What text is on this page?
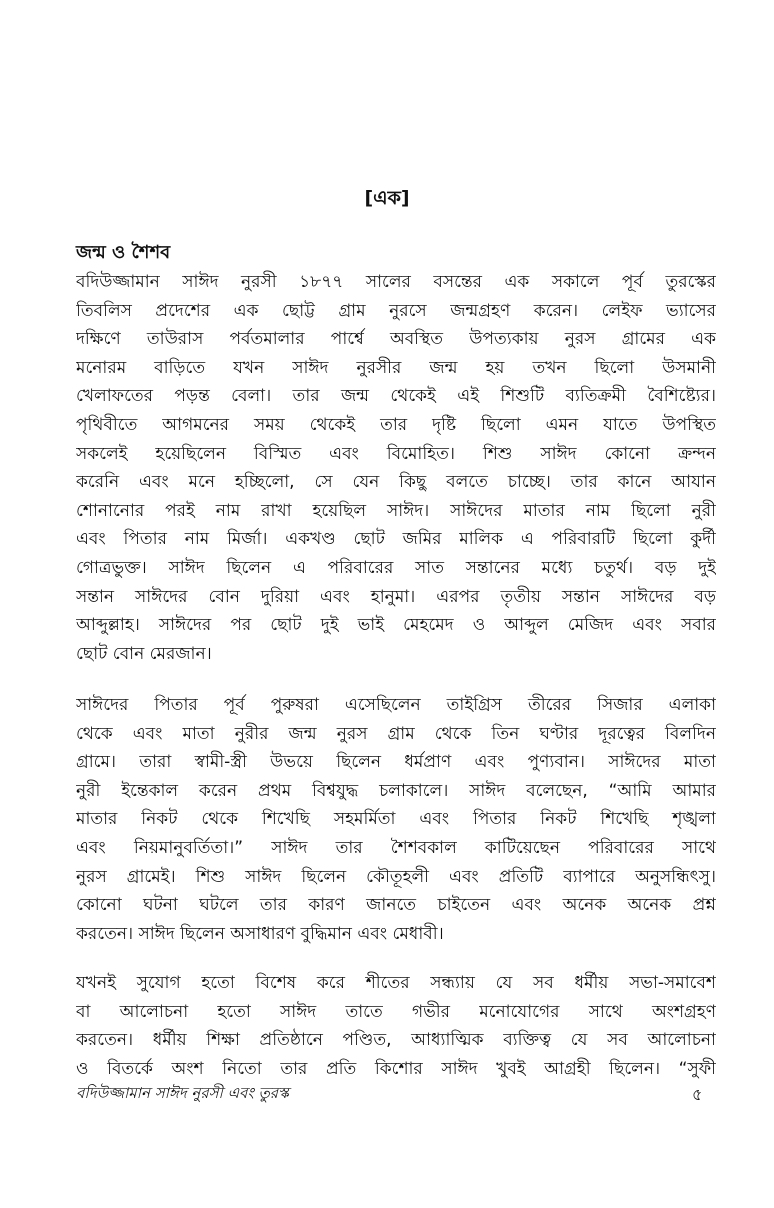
[এক]
জন্ম ও শৈশব
বদিউজ্জামান সাঈদ নুরসী ১৮৭৭ সালের বসন্তের এক সকালে পূর্ব তুরস্কের
তিবলিস প্রদেশের এক ছোট্ট গ্রাম নুরসে জন্মগ্রহণ করেন। লেইফ ভ্যাসের
দক্ষিণে তাউরাস পর্বতমালার পার্শ্বে অবস্থিত উপত্যকায় নুরস গ্রামের এক
মনোরম বাড়িতে যখন সাঈদ নুরসীর জন্ম হয় তখন ছিলো উসমানী
খেলাফতের পড়ন্ত বেলা। তার জন্ম থেকেই এই শিশুটি ব্যতিক্রমী বৈশিষ্ট্যের।
পৃথিবীতে আগমনের সময় থেকেই তার দৃষ্টি ছিলো এমন যাতে উপস্থিত
সকলেই হয়েছিলেন বিস্মিত এবং বিমোহিত। শিশু সাঈদ কোনো ক্রন্দন
করেনি এবং মনে হচ্ছিলো, সে যেন কিছু বলতে চাচ্ছে। তার কানে আযান
শোনানোর পরই নাম রাখা হয়েছিল সাঈদ। সাঈদের মাতার নাম ছিলো নুরী
এবং পিতার নাম মির্জা। একখণ্ড ছোট জমির মালিক এ পরিবারটি ছিলো কুর্দী
গোত্রভুক্ত। সাঈদ ছিলেন এ পরিবারের সাত সন্তানের মধ্যে চতুর্থ। বড় দুই
সন্তান সাঈদের বোন দুরিয়া এবং হানুমা। এরপর তৃতীয় সন্তান সাঈদের বড়
আব্দুল্লাহ। সাঈদের পর ছোট দুই ভাই মেহমেদ ও আব্দুল মেজিদ এবং সবার
ছোট বোন মেরজান।
সাঈদের পিতার পূর্ব পুরুষরা এসেছিলেন তাইগ্রিস তীরের সিজার এলাকা
থেকে এবং মাতা নুরীর জন্ম নুরস গ্রাম থেকে তিন ঘণ্টার দূরত্বের বিলদিন
গ্রামে। তারা স্বামী-স্ত্রী উভয়ে ছিলেন ধর্মপ্রাণ এবং পুণ্যবান। সাঈদের মাতা
নুরী ইন্তেকাল করেন প্রথম বিশ্বযুদ্ধ চলাকালে। সাঈদ বলেছেন, “আমি আমার
মাতার নিকট থেকে শিখেছি সহমর্মিতা এবং পিতার নিকট শিখেছি শৃঙ্খলা
এবং নিয়মানুবর্তিতা।” সাঈদ তার শৈশবকাল কাটিয়েছেন পরিবারের সাথে
নুরস গ্রামেই। শিশু সাঈদ ছিলেন কৌতূহলী এবং প্রতিটি ব্যাপারে অনুসন্ধিৎসু।
কোনো ঘটনা ঘটলে তার কারণ জানতে চাইতেন এবং অনেক অনেক প্রশ্ন
করতেন। সাঈদ ছিলেন অসাধারণ বুদ্ধিমান এবং মেধাবী।
যখনই সুযোগ হতো বিশেষ করে শীতের সন্ধ্যায় যে সব ধর্মীয় সভা-সমাবেশ
বা আলোচনা হতো সাঈদ তাতে গভীর মনোযোগের সাথে অংশগ্রহণ
করতেন। ধর্মীয় শিক্ষা প্রতিষ্ঠানে পণ্ডিত, আধ্যাত্মিক ব্যক্তিত্ব যে সব আলোচনা
ও বিতর্কে অংশ নিতো তার প্রতি কিশোর সাঈদ খুবই আগ্রহী ছিলেন। “সুফী
বদিউজ্জামান সাঈদ নুরসী এবং তুরস্ক	৫
